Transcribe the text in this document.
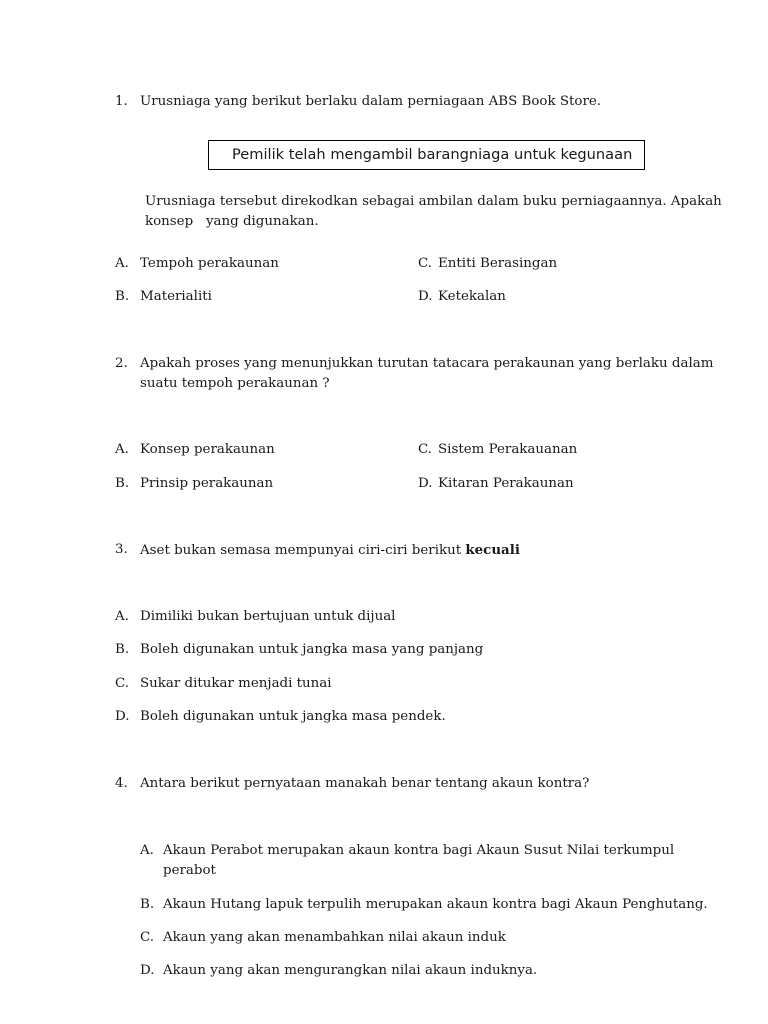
1. Urusniaga yang berikut berlaku dalam perniagaan ABS Book Store.
Pemilik telah mengambil barangniaga untuk kegunaan
Urusniaga tersebut direkodkan sebagai ambilan dalam buku perniagaannya. Apakah
konsep   yang digunakan.
A. Tempoh perakaunan	C. Entiti Berasingan
B. Materialiti	D. Ketekalan
2. Apakah proses yang menunjukkan turutan tatacara perakaunan yang berlaku dalam
suatu tempoh perakaunan ?
A. Konsep perakaunan	C. Sistem Perakauanan
B. Prinsip perakaunan	D. Kitaran Perakaunan
3. Aset bukan semasa mempunyai ciri-ciri berikut kecuali
A. Dimiliki bukan bertujuan untuk dijual
B. Boleh digunakan untuk jangka masa yang panjang
C. Sukar ditukar menjadi tunai
D. Boleh digunakan untuk jangka masa pendek.
4. Antara berikut pernyataan manakah benar tentang akaun kontra?
A. Akaun Perabot merupakan akaun kontra bagi Akaun Susut Nilai terkumpul
perabot
B. Akaun Hutang lapuk terpulih merupakan akaun kontra bagi Akaun Penghutang.
C. Akaun yang akan menambahkan nilai akaun induk
D. Akaun yang akan mengurangkan nilai akaun induknya.
